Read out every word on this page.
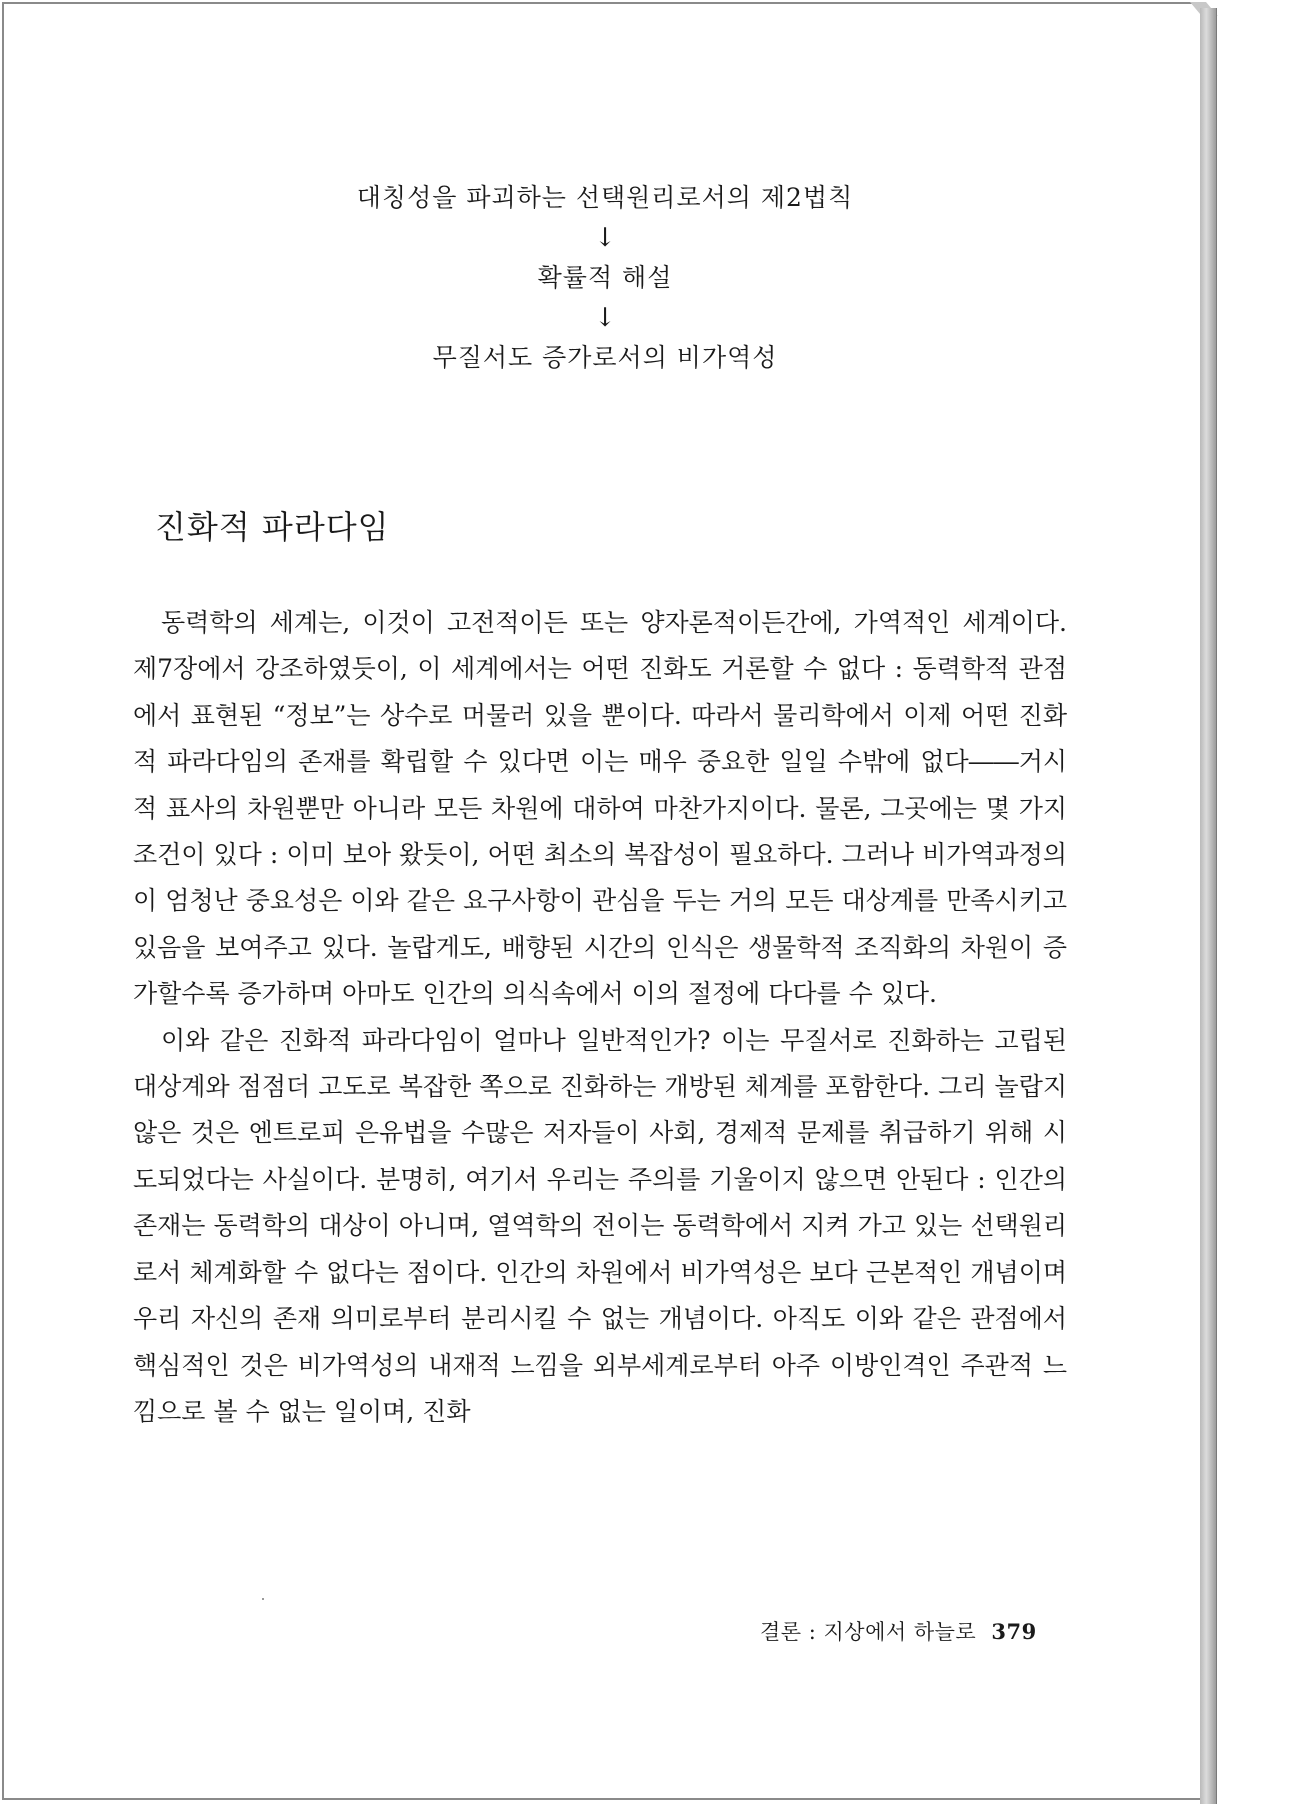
대칭성을 파괴하는 선택원리로서의 제2법칙
↓
확률적 해설
↓
무질서도 증가로서의 비가역성
진화적 파라다임

동력학의 세계는, 이것이 고전적이든 또는 양자론적이든간에, 가역적인 세계이다. 제7장에서 강조하였듯이, 이 세계에서는 어떤 진화도 거론할 수 없다 : 동력학적 관점에서 표현된 “정보”는 상수로 머물러 있을 뿐이다. 따라서 물리학에서 이제 어떤 진화적 파라다임의 존재를 확립할 수 있다면 이는 매우 중요한 일일 수밖에 없다――거시적 표사의 차원뿐만 아니라 모든 차원에 대하여 마찬가지이다. 물론, 그곳에는 몇 가지 조건이 있다 : 이미 보아 왔듯이, 어떤 최소의 복잡성이 필요하다. 그러나 비가역과정의 이 엄청난 중요성은 이와 같은 요구사항이 관심을 두는 거의 모든 대상계를 만족시키고 있음을 보여주고 있다. 놀랍게도, 배향된 시간의 인식은 생물학적 조직화의 차원이 증가할수록 증가하며 아마도 인간의 의식속에서 이의 절정에 다다를 수 있다.

이와 같은 진화적 파라다임이 얼마나 일반적인가? 이는 무질서로 진화하는 고립된 대상계와 점점더 고도로 복잡한 쪽으로 진화하는 개방된 체계를 포함한다. 그리 놀랍지 않은 것은 엔트로피 은유법을 수많은 저자들이 사회, 경제적 문제를 취급하기 위해 시도되었다는 사실이다. 분명히, 여기서 우리는 주의를 기울이지 않으면 안된다 : 인간의 존재는 동력학의 대상이 아니며, 열역학의 전이는 동력학에서 지켜 가고 있는 선택원리로서 체계화할 수 없다는 점이다. 인간의 차원에서 비가역성은 보다 근본적인 개념이며 우리 자신의 존재 의미로부터 분리시킬 수 없는 개념이다. 아직도 이와 같은 관점에서 핵심적인 것은 비가역성의 내재적 느낌을 외부세계로부터 아주 이방인격인 주관적 느낌으로 볼 수 없는 일이며, 진화

결론 : 지상에서 하늘로 379
